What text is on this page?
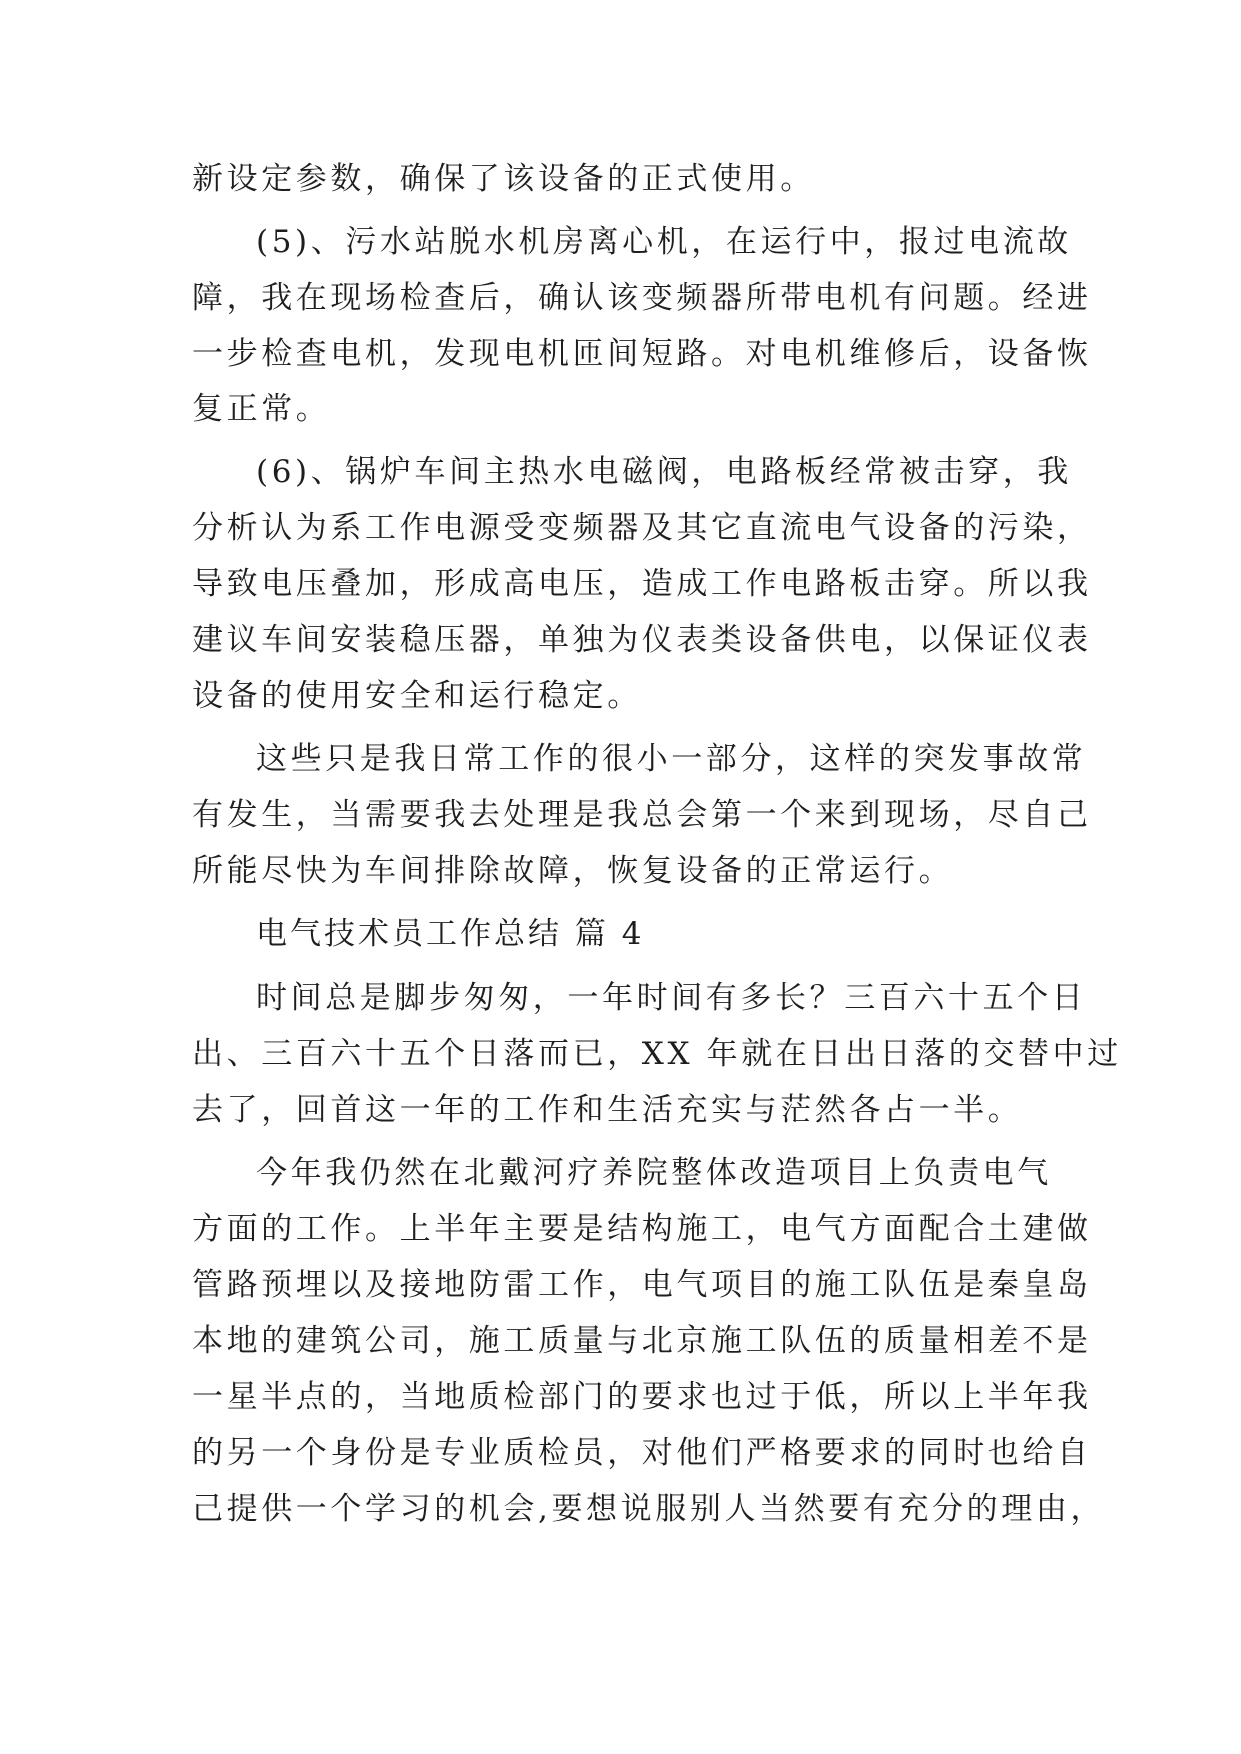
新设定参数，确保了该设备的正式使用。
(5)、污水站脱水机房离心机，在运行中，报过电流故
障，我在现场检查后，确认该变频器所带电机有问题。经进
一步检查电机，发现电机匝间短路。对电机维修后，设备恢
复正常。
(6)、锅炉车间主热水电磁阀，电路板经常被击穿，我
分析认为系工作电源受变频器及其它直流电气设备的污染，
导致电压叠加，形成高电压，造成工作电路板击穿。所以我
建议车间安装稳压器，单独为仪表类设备供电，以保证仪表
设备的使用安全和运行稳定。
这些只是我日常工作的很小一部分，这样的突发事故常
有发生，当需要我去处理是我总会第一个来到现场，尽自己
所能尽快为车间排除故障，恢复设备的正常运行。
电气技术员工作总结 篇 4
时间总是脚步匆匆，一年时间有多长？三百六十五个日
出、三百六十五个日落而已，XX 年就在日出日落的交替中过
去了，回首这一年的工作和生活充实与茫然各占一半。
今年我仍然在北戴河疗养院整体改造项目上负责电气
方面的工作。上半年主要是结构施工，电气方面配合土建做
管路预埋以及接地防雷工作，电气项目的施工队伍是秦皇岛
本地的建筑公司，施工质量与北京施工队伍的质量相差不是
一星半点的，当地质检部门的要求也过于低，所以上半年我
的另一个身份是专业质检员，对他们严格要求的同时也给自
己提供一个学习的机会,要想说服别人当然要有充分的理由，
